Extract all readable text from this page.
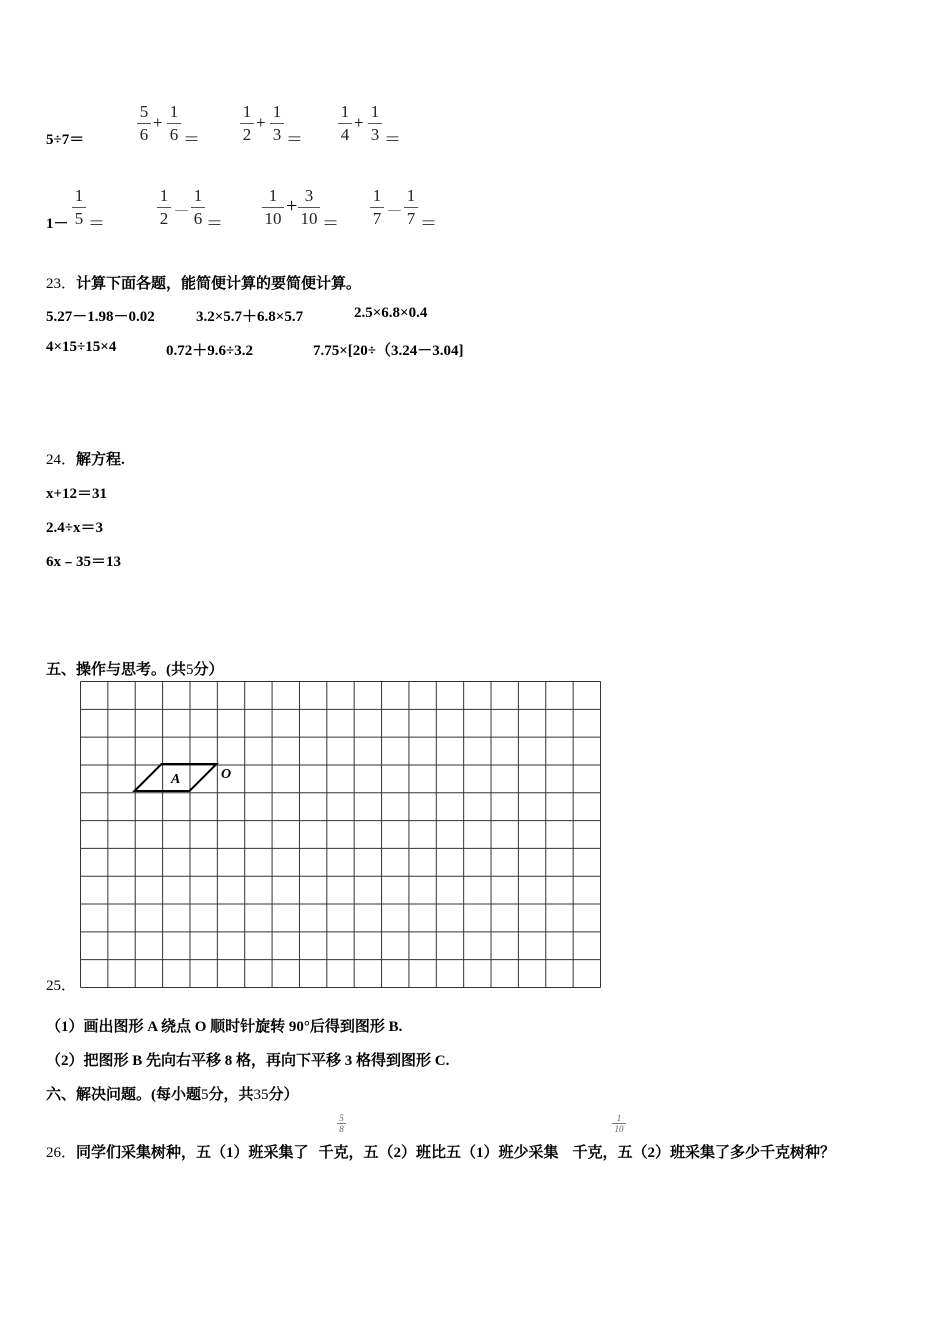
5÷7＝
5
6
+
1
6 ＝
1
2
+
1
3 ＝
1
4
+
1
3 ＝
1－
1
5 ＝
1
2 －
1
6 ＝
1
10
+ 3
10 ＝
1
7 －
1
7 ＝
23．计算下面各题，能简便计算的要简便计算。
5.27－1.98－0.02	3.2×5.7＋6.8×5.7	2.5×6.8×0.4
4×15÷15×4	0.72＋9.6÷3.2	7.75×[20÷（3.24－3.04]
24．解方程.
x+12＝31
2.4÷x＝3
6x﹣35＝13
五、操作与思考。(共5分）
A	O
25．
（1）画出图形 A 绕点 O 顺时针旋转 90°后得到图形 B.
（2）把图形 B 先向右平移 8 格，再向下平移 3 格得到图形 C.
六、解决问题。(每小题5分，共35分）
26．同学们采集树种，五（1）班采集了 千克，五（2）班比五（1）班少采集 千克，五（2）班采集了多少千克树种？
5
8
1
10
